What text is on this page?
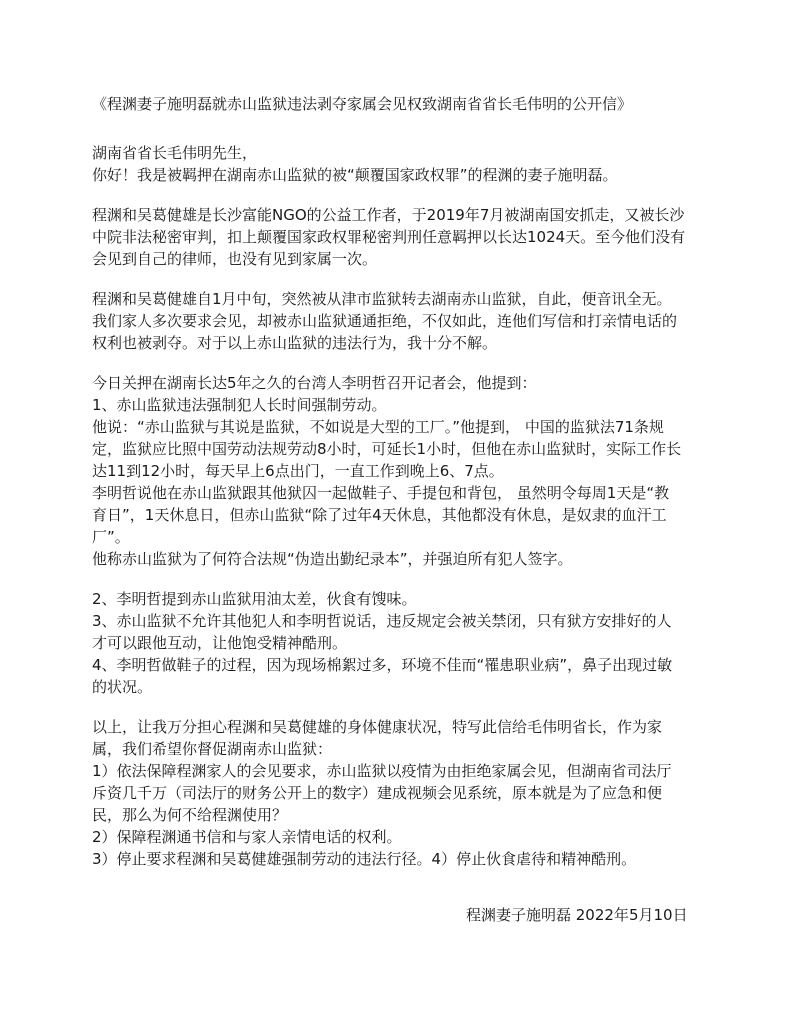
《程渊妻子施明磊就赤山监狱违法剥夺家属会见权致湖南省省长毛伟明的公开信》
湖南省省长毛伟明先生，
你好！我是被羁押在湖南赤山监狱的被“颠覆国家政权罪”的程渊的妻子施明磊。
程渊和吴葛健雄是长沙富能NGO的公益工作者，于2019年7月被湖南国安抓走，又被长沙
中院非法秘密审判，扣上颠覆国家政权罪秘密判刑任意羁押以长达1024天。至今他们没有
会见到自己的律师，也没有见到家属一次。
程渊和吴葛健雄自1月中旬，突然被从津市监狱转去湖南赤山监狱，自此，便音讯全无。
我们家人多次要求会见，却被赤山监狱通通拒绝，不仅如此，连他们写信和打亲情电话的
权利也被剥夺。对于以上赤山监狱的违法行为，我十分不解。
今日关押在湖南长达5年之久的台湾人李明哲召开记者会，他提到：
1、赤山监狱违法强制犯人长时间强制劳动。
他说：“赤山监狱与其说是监狱，不如说是大型的工厂。”他提到， 中国的监狱法71条规
定，监狱应比照中国劳动法规劳动8小时，可延长1小时，但他在赤山监狱时，实际工作长
达11到12小时，每天早上6点出门，一直工作到晚上6、7点。
李明哲说他在赤山监狱跟其他狱囚一起做鞋子、手提包和背包， 虽然明令每周1天是“教
育日”，1天休息日，但赤山监狱“除了过年4天休息，其他都没有休息，是奴隶的血汗工
厂”。
他称赤山监狱为了何符合法规“伪造出勤纪录本”，并强迫所有犯人签字。
2、李明哲提到赤山监狱用油太差，伙食有馊味。
3、赤山监狱不允许其他犯人和李明哲说话，违反规定会被关禁闭，只有狱方安排好的人
才可以跟他互动，让他饱受精神酷刑。
4、李明哲做鞋子的过程，因为现场棉絮过多，环境不佳而“罹患职业病”，鼻子出现过敏
的状况。
以上，让我万分担心程渊和吴葛健雄的身体健康状况，特写此信给毛伟明省长，作为家
属，我们希望你督促湖南赤山监狱：
1）依法保障程渊家人的会见要求，赤山监狱以疫情为由拒绝家属会见，但湖南省司法厅
斥资几千万（司法厅的财务公开上的数字）建成视频会见系统，原本就是为了应急和便
民，那么为何不给程渊使用？
2）保障程渊通书信和与家人亲情电话的权利。
3）停止要求程渊和吴葛健雄强制劳动的违法行径。4）停止伙食虐待和精神酷刑。
程渊妻子施明磊 2022年5月10日
